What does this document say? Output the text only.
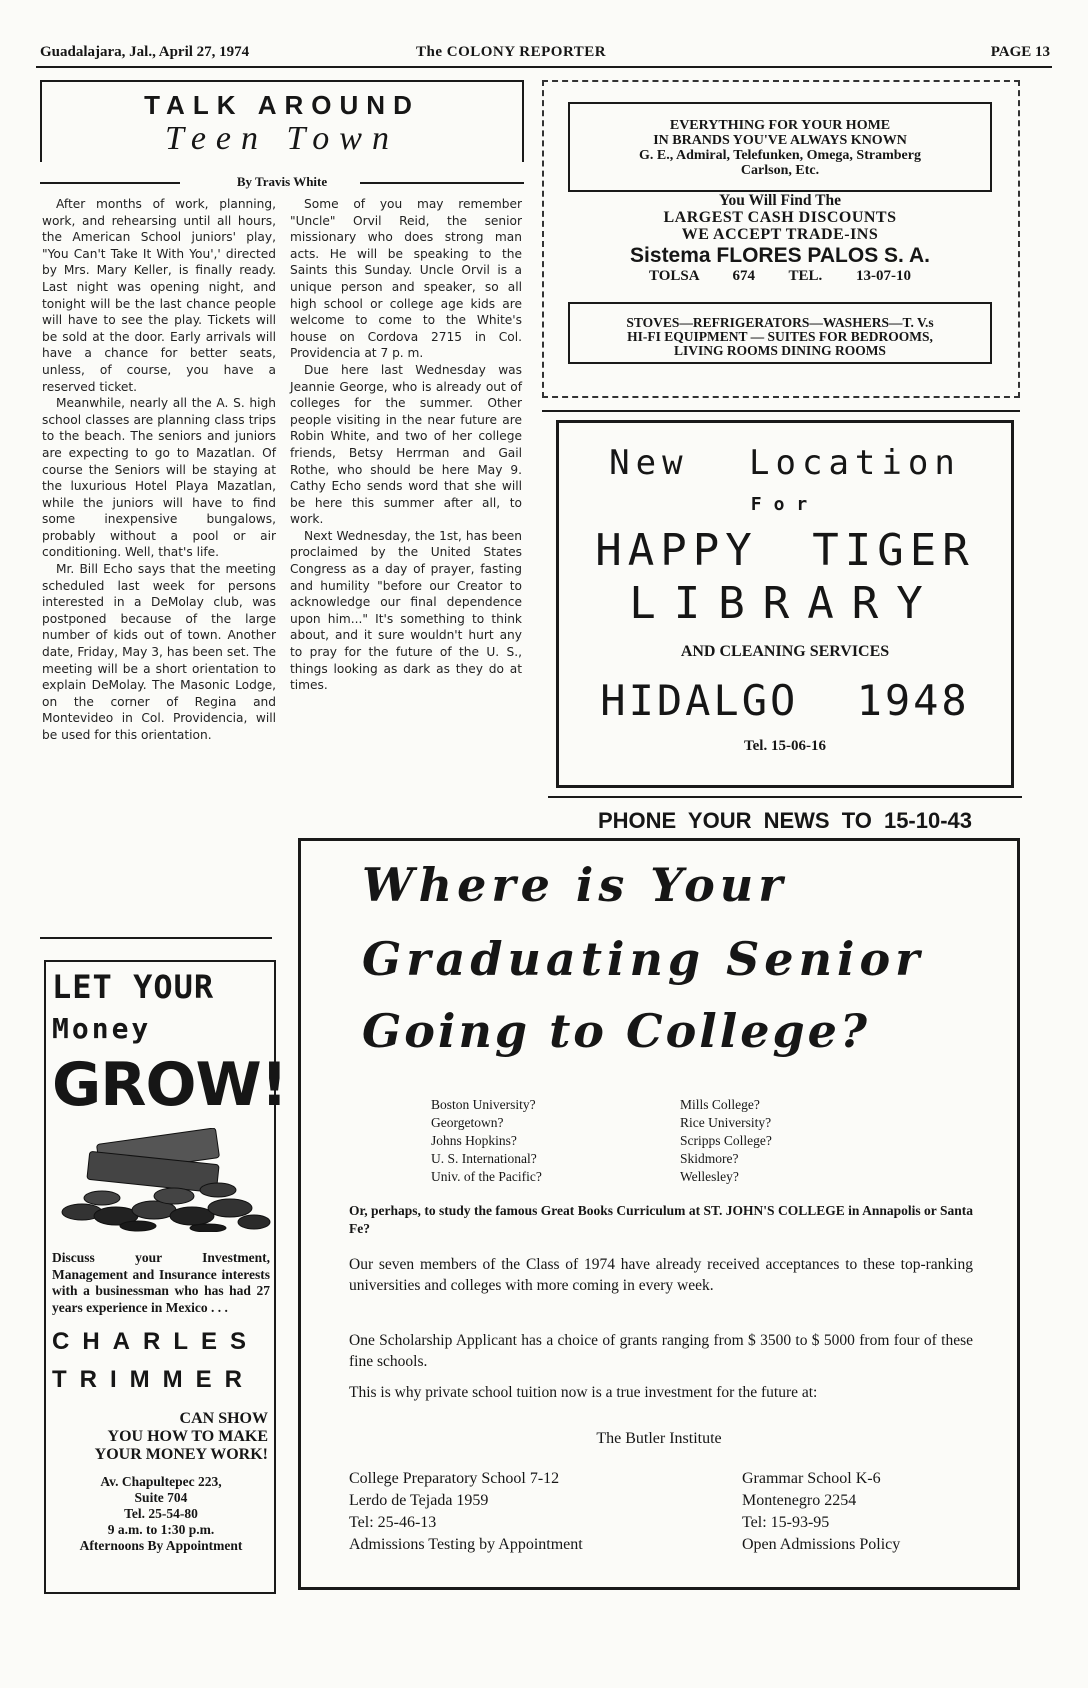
Guadalajara, Jal., April 27, 1974	The COLONY REPORTER	PAGE 13
TALK AROUND
Teen Town
By Travis White

After months of work, planning, work, and rehearsing until all hours, the American School juniors' play, "You Can't Take It With You',' directed by Mrs. Mary Keller, is finally ready. Last night was opening night, and tonight will be the last chance people will have to see the play. Tickets will be sold at the door. Early arrivals will have a chance for better seats, unless, of course, you have a reserved ticket.

Meanwhile, nearly all the A. S. high school classes are planning class trips to the beach. The seniors and juniors are expecting to go to Mazatlan. Of course the Seniors will be staying at the luxurious Hotel Playa Mazatlan, while the juniors will have to find some inexpensive bungalows, probably without a pool or air conditioning. Well, that's life.

Mr. Bill Echo says that the meeting scheduled last week for persons interested in a DeMolay club, was postponed because of the large number of kids out of town. Another date, Friday, May 3, has been set. The meeting will be a short orientation to explain DeMolay. The Masonic Lodge, on the corner of Regina and Montevideo in Col. Providencia, will be used for this orientation.

Some of you may remember "Uncle" Orvil Reid, the senior missionary who does strong man acts. He will be speaking to the Saints this Sunday. Uncle Orvil is a unique person and speaker, so all high school or college age kids are welcome to come to the White's house on Cordova 2715 in Col. Providencia at 7 p. m.

Due here last Wednesday was Jeannie George, who is already out of colleges for the summer. Other people visiting in the near future are Robin White, and two of her college friends, Betsy Herrman and Gail Rothe, who should be here May 9. Cathy Echo sends word that she will be here this summer after all, to work.

Next Wednesday, the 1st, has been proclaimed by the United States Congress as a day of prayer, fasting and humility "before our Creator to acknowledge our final dependence upon him..." It's something to think about, and it sure wouldn't hurt any to pray for the future of the U. S., things looking as dark as they do at times.

EVERYTHING FOR YOUR HOME
IN BRANDS YOU'VE ALWAYS KNOWN
G. E., Admiral, Telefunken, Omega, Stramberg
Carlson, Etc.
You Will Find The
LARGEST CASH DISCOUNTS
WE ACCEPT TRADE-INS
Sistema FLORES PALOS S. A.
TOLSA 674 TEL. 13-07-10
STOVES—REFRIGERATORS—WASHERS—T. V.s
HI-FI EQUIPMENT — SUITES FOR BEDROOMS,
LIVING ROOMS DINING ROOMS
New Location
For
HAPPY TIGER
LIBRARY
AND CLEANING SERVICES
HIDALGO 1948
Tel. 15-06-16
PHONE YOUR NEWS TO 15-10-43
LET YOUR
Money
GROW!
Discuss your Investment, Management and Insurance interests with a businessman who has had 27 years experience in Mexico . . .
CHARLES
TRIMMER
CAN SHOW
YOU HOW TO MAKE
YOUR MONEY WORK!
Av. Chapultepec 223,
Suite 704
Tel. 25-54-80
9 a.m. to 1:30 p.m.
Afternoons By Appointment
Where is Your
Graduating Senior
Going to College?
Boston University?
Georgetown?
Johns Hopkins?
U. S. International?
Univ. of the Pacific?
Mills College?
Rice University?
Scripps College?
Skidmore?
Wellesley?
Or, perhaps, to study the famous Great Books Curriculum at ST. JOHN'S COLLEGE in Annapolis or Santa Fe?
Our seven members of the Class of 1974 have already received acceptances to these top-ranking universities and colleges with more coming in every week.
One Scholarship Applicant has a choice of grants ranging from $ 3500 to $ 5000 from four of these fine schools.
This is why private school tuition now is a true investment for the future at:
The Butler Institute
College Preparatory School 7-12
Lerdo de Tejada 1959
Tel: 25-46-13
Admissions Testing by Appointment
Grammar School K-6
Montenegro 2254
Tel: 15-93-95
Open Admissions Policy
